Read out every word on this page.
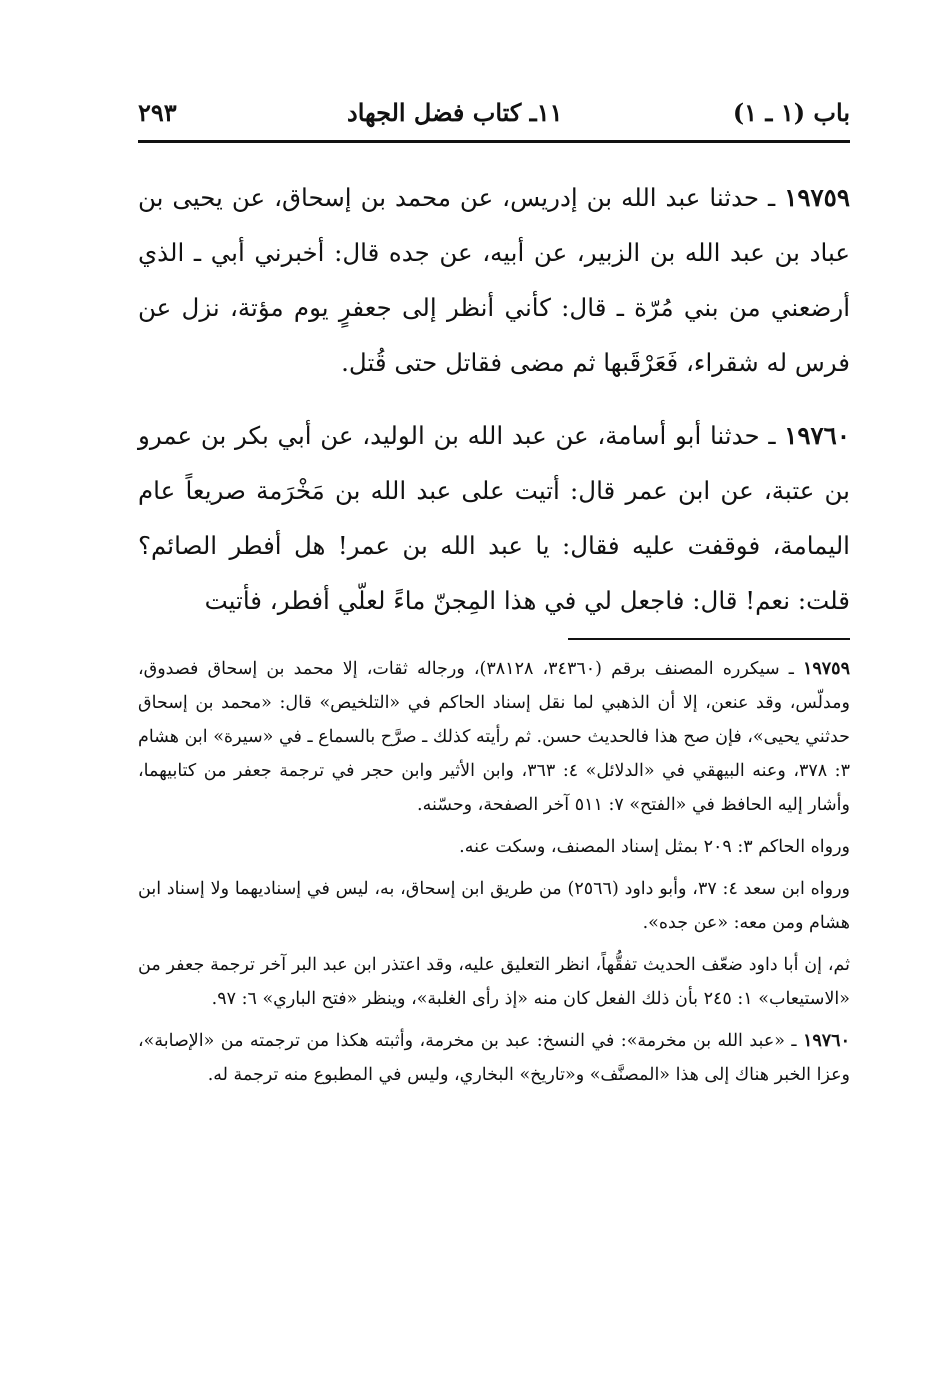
باب (١ ـ ١)
١١ـ كتاب فضل الجهاد
٢٩٣

١٩٧٥٩ ـ حدثنا عبد الله بن إدريس، عن محمد بن إسحاق، عن يحيى بن عباد بن عبد الله بن الزبير، عن أبيه، عن جده قال: أخبرني أبي ـ الذي أرضعني من بني مُرّة ـ قال: كأني أنظر إلى جعفرٍ يوم مؤتة، نزل عن فرس له شقراء، فَعَرْقَبها ثم مضى فقاتل حتى قُتل.

١٩٧٦٠ ـ حدثنا أبو أسامة، عن عبد الله بن الوليد، عن أبي بكر بن عمرو بن عتبة، عن ابن عمر قال: أتيت على عبد الله بن مَخْرَمة صريعاً عام اليمامة، فوقفت عليه فقال: يا عبد الله بن عمر! هل أفطر الصائم؟ قلت: نعم! قال: فاجعل لي في هذا المِجنّ ماءً لعلّي أفطر، فأتيت

١٩٧٥٩ ـ سيكرره المصنف برقم (٣٤٣٦٠، ٣٨١٢٨)، ورجاله ثقات، إلا محمد بن إسحاق فصدوق، ومدلّس، وقد عنعن، إلا أن الذهبي لما نقل إسناد الحاكم في «التلخيص» قال: «محمد بن إسحاق حدثني يحيى»، فإن صح هذا فالحديث حسن. ثم رأيته كذلك ـ صرَّح بالسماع ـ في «سيرة» ابن هشام ٣: ٣٧٨، وعنه البيهقي في «الدلائل» ٤: ٣٦٣، وابن الأثير وابن حجر في ترجمة جعفر من كتابيهما، وأشار إليه الحافظ في «الفتح» ٧: ٥١١ آخر الصفحة، وحسّنه.

ورواه الحاكم ٣: ٢٠٩ بمثل إسناد المصنف، وسكت عنه.

ورواه ابن سعد ٤: ٣٧، وأبو داود (٢٥٦٦) من طريق ابن إسحاق، به، ليس في إسناديهما ولا إسناد ابن هشام ومن معه: «عن جده».

ثم، إن أبا داود ضعّف الحديث تفقُّهاً، انظر التعليق عليه، وقد اعتذر ابن عبد البر آخر ترجمة جعفر من «الاستيعاب» ١: ٢٤٥ بأن ذلك الفعل كان منه «إذ رأى الغلبة»، وينظر «فتح الباري» ٦: ٩٧.

١٩٧٦٠ ـ «عبد الله بن مخرمة»: في النسخ: عبد بن مخرمة، وأثبته هكذا من ترجمته من «الإصابة»، وعزا الخبر هناك إلى هذا «المصنَّف» و«تاريخ» البخاري، وليس في المطبوع منه ترجمة له.
